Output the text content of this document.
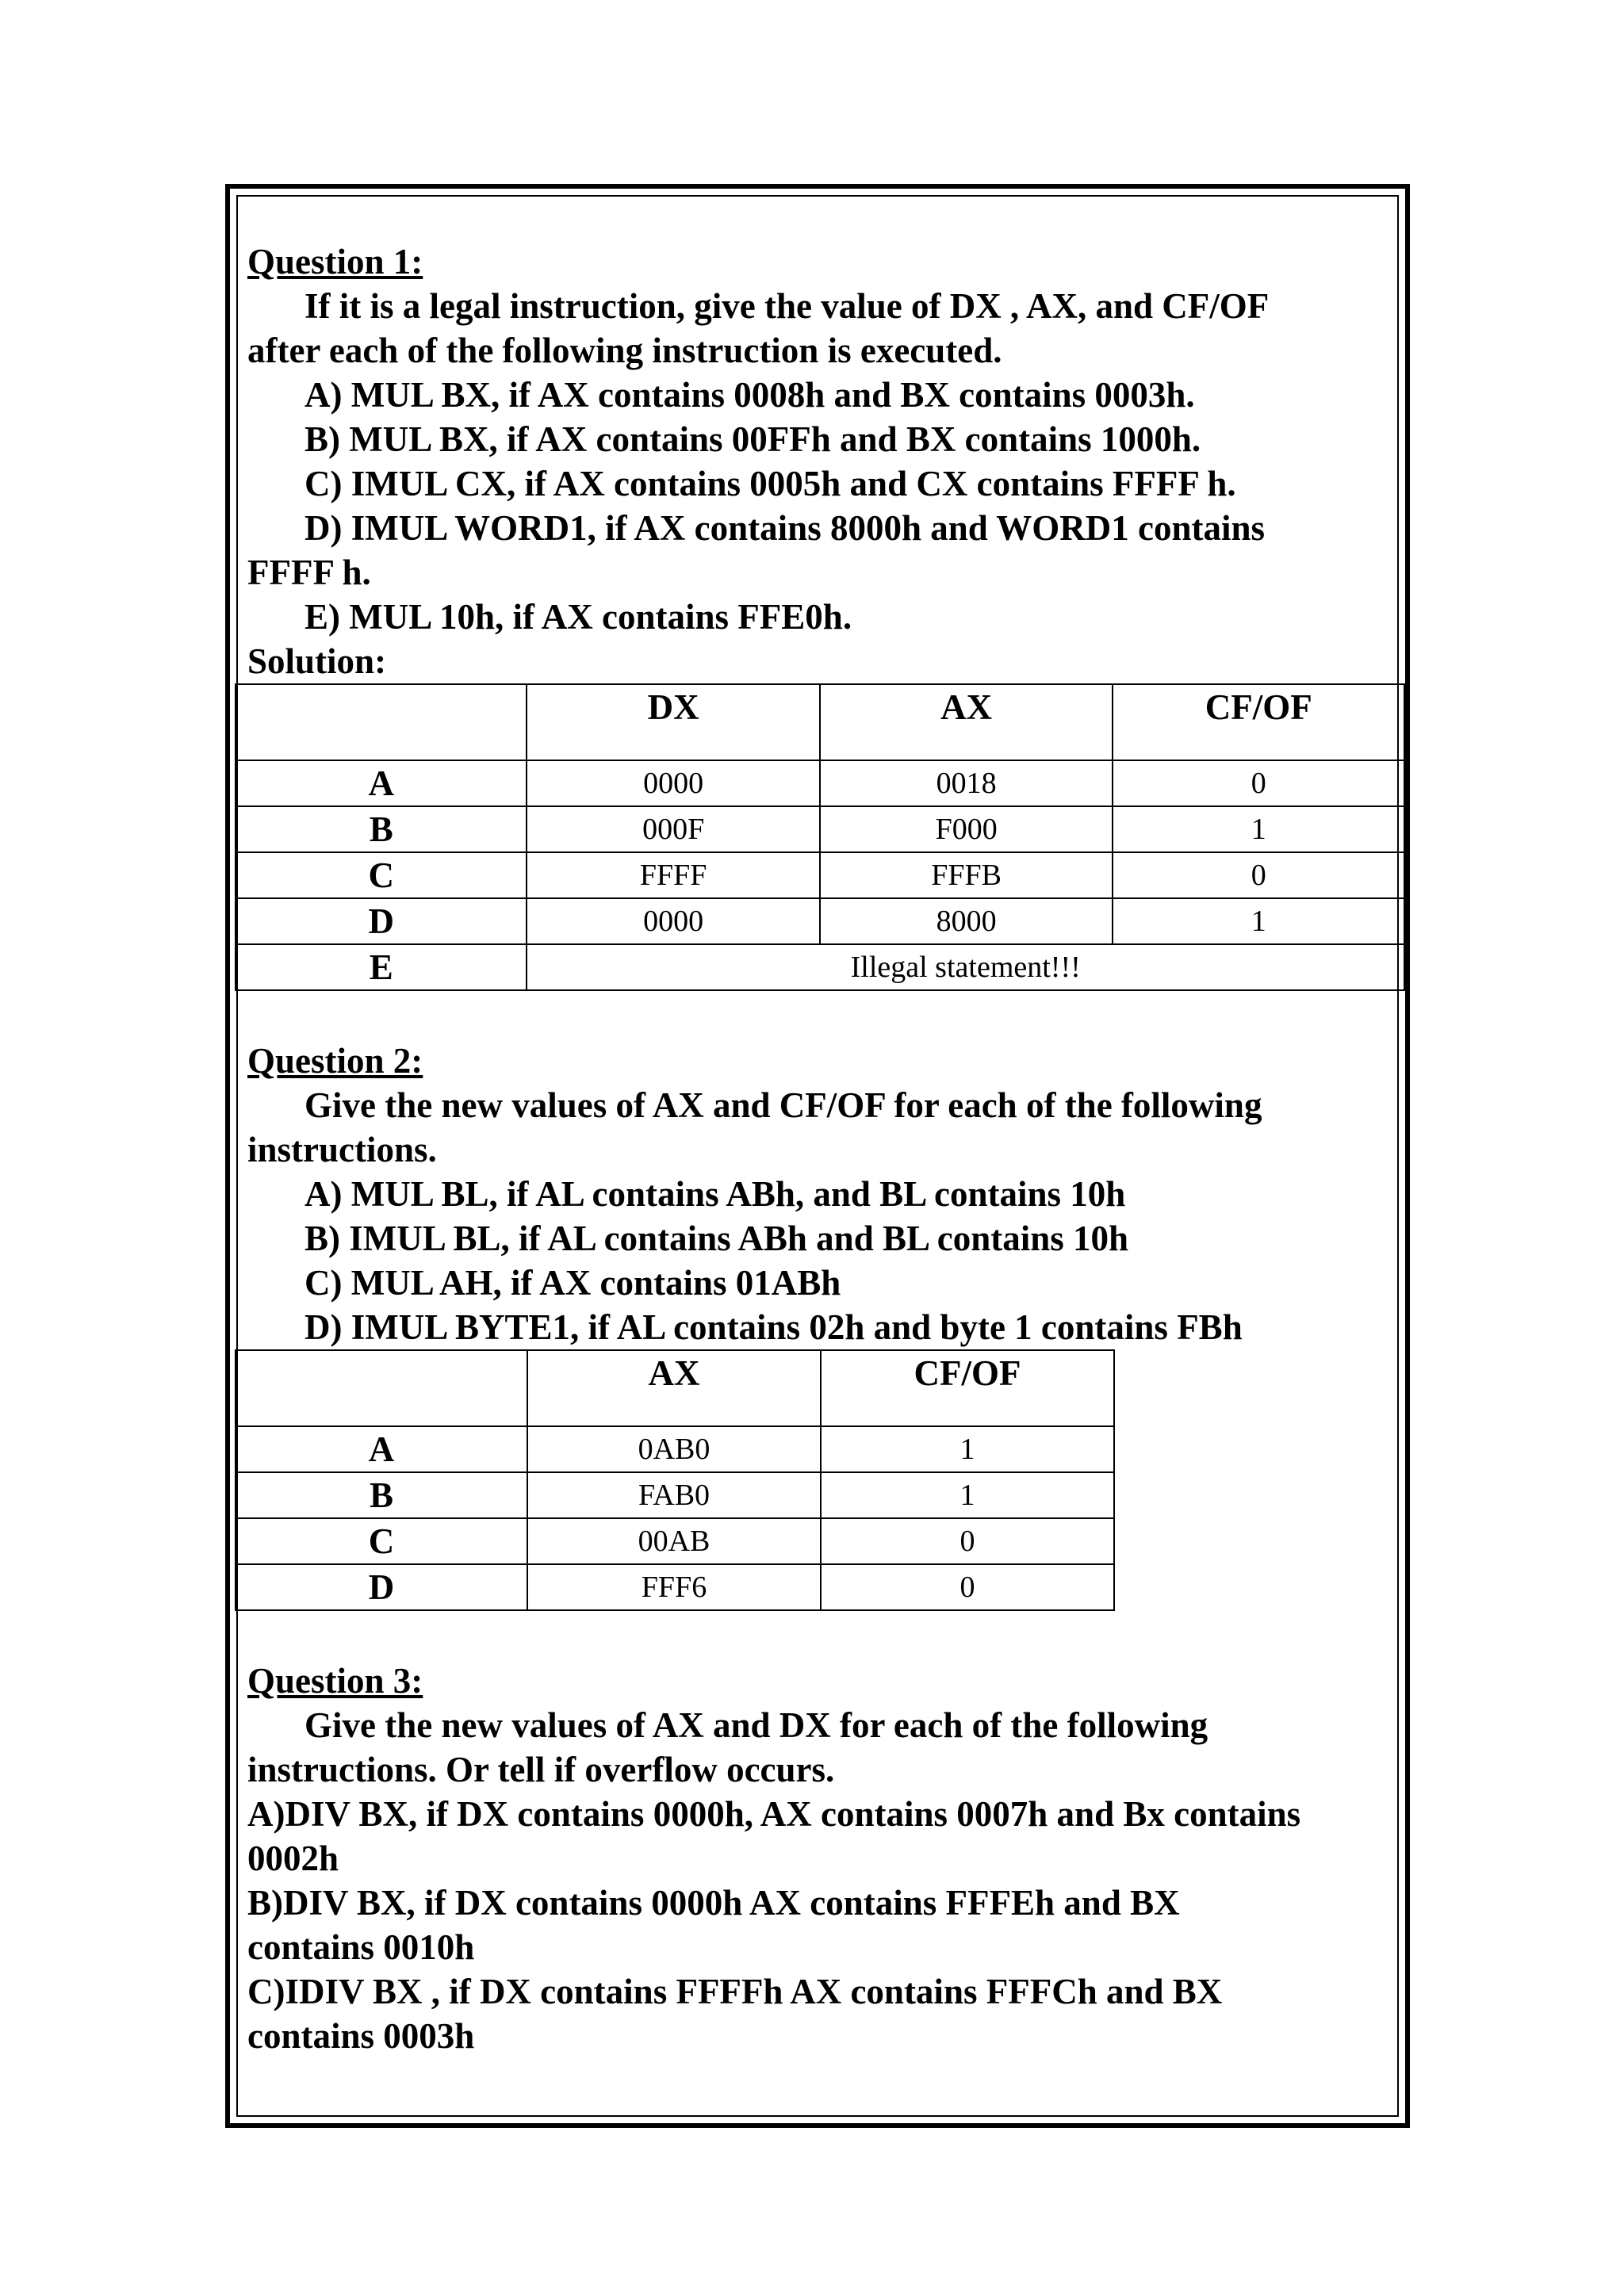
Question 1:
If it is a legal instruction, give the value of DX , AX, and CF/OF
after each of the following instruction is executed.
A) MUL BX, if AX contains 0008h and BX contains 0003h.
B) MUL BX, if AX contains 00FFh and BX contains 1000h.
C) IMUL CX, if AX contains 0005h and CX contains FFFF h.
D) IMUL WORD1, if AX contains 8000h and WORD1 contains
FFFF h.
E) MUL 10h, if AX contains FFE0h.
Solution:
	DX	AX	CF/OF
A	0000	0018	0
B	000F	F000	1
C	FFFF	FFFB	0
D	0000	8000	1
E	Illegal statement!!!		
Question 2:
Give the new values of AX and CF/OF for each of the following
instructions.
A) MUL BL, if AL contains ABh, and BL contains 10h
B) IMUL BL, if AL contains ABh and BL contains 10h
C) MUL AH, if AX contains 01ABh
D) IMUL BYTE1, if AL contains 02h and byte 1 contains FBh
	AX	CF/OF
A	0AB0	1
B	FAB0	1
C	00AB	0
D	FFF6	0
Question 3:
Give the new values of AX and DX for each of the following
instructions. Or tell if overflow occurs.
A)DIV BX, if DX contains 0000h, AX contains 0007h and Bx contains
0002h
B)DIV BX, if DX contains 0000h AX contains FFFEh and BX
contains 0010h
C)IDIV BX , if DX contains FFFFh AX contains FFFCh and BX
contains 0003h
